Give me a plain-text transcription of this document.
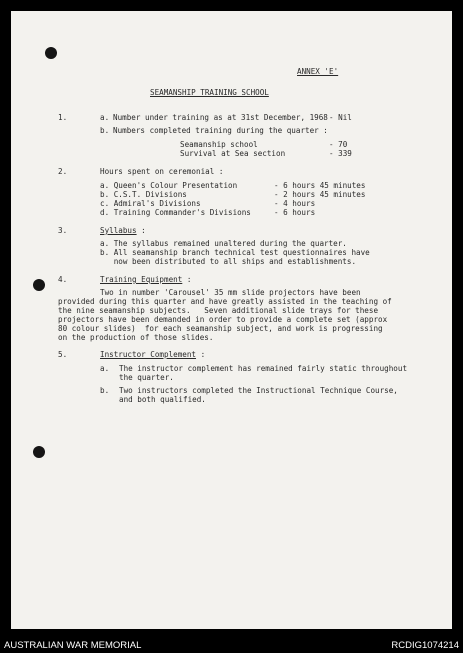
ANNEX 'E'
SEAMANSHIP TRAINING SCHOOL
1.	a. Number under training as at 31st December, 1968 - Nil
b. Numbers completed training during the quarter :
Seamanship school	- 70
Survival at Sea section	- 339
2.	Hours spent on ceremonial :
a. Queen's Colour Presentation	- 6 hours 45 minutes
b. C.S.T. Divisions	- 2 hours 45 minutes
c. Admiral's Divisions	- 4 hours
d. Training Commander's Divisions	- 6 hours
3.	Syllabus :
a. The syllabus remained unaltered during the quarter.
b. All seamanship branch technical test questionnaires have
now been distributed to all ships and establishments.
4.	Training Equipment :
Two in number 'Carousel' 35 mm slide projectors have been
provided during this quarter and have greatly assisted in the teaching of
the nine seamanship subjects.   Seven additional slide trays for these
projectors have been demanded in order to provide a complete set (approx
80 colour slides)  for each seamanship subject, and work is progressing
on the production of those slides.
5.	Instructor Complement :
a. The instructor complement has remained fairly static throughout
the quarter.
b. Two instructors completed the Instructional Technique Course,
and both qualified.
AUSTRALIAN WAR MEMORIAL	RCDIG1074214
